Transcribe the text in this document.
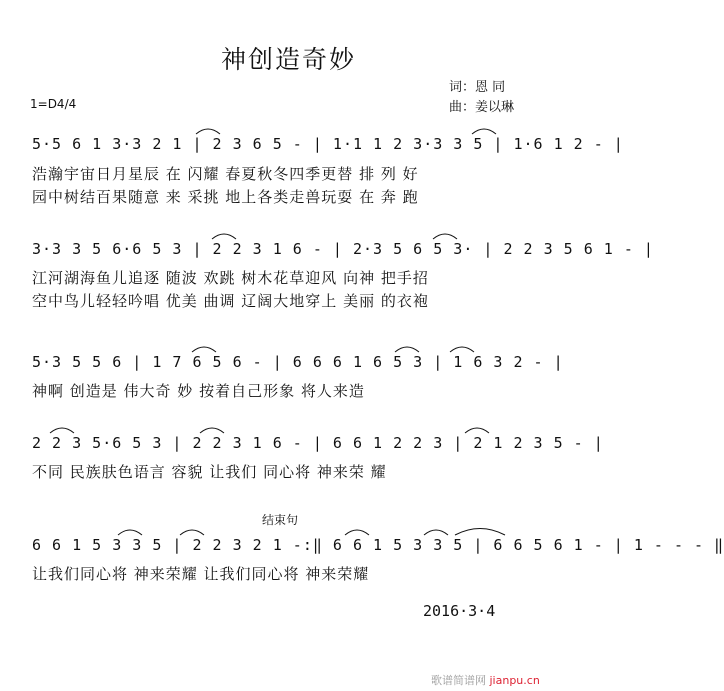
神创造奇妙
词：恩 同
曲：姜以琳
1=D4/4
5·5 6 1 3·3 2 1 | 2 3 6 5 - | 1·1 1 2 3·3 3 5 | 1·6 1 2 - |
浩瀚宇宙日月星辰 在 闪耀 春夏秋冬四季更替 排 列 好
园中树结百果随意 来 采挑 地上各类走兽玩耍 在 奔 跑
3·3 3 5 6·6 5 3 | 2 2 3 1 6 - | 2·3 5 6 5 3· | 2 2 3 5 6 1 - |
江河湖海鱼儿追逐 随波 欢跳 树木花草迎风 向神 把手招
空中鸟儿轻轻吟唱 优美 曲调 辽阔大地穿上 美丽 的衣袍
5·3 5 5 6 | 1 7 6 5 6 - | 6 6 6 1 6 5 3 | 1 6 3 2 - |
神啊 创造是 伟大奇 妙 按着自己形象 将人来造
2 2 3 5·6 5 3 | 2 2 3 1 6 - | 6 6 1 2 2 3 | 2 1 2 3 5 - |
不同 民族肤色语言 容貌 让我们 同心将 神来荣 耀
结束句
6 6 1 5 3 3 5 | 2 2 3 2 1 -:‖ 6 6 1 5 3 3 5 | 6 6 5 6 1 - | 1 - - - ‖
让我们同心将 神来荣耀 让我们同心将 神来荣耀
2016·3·4
歌谱简谱网 jianpu.cn
